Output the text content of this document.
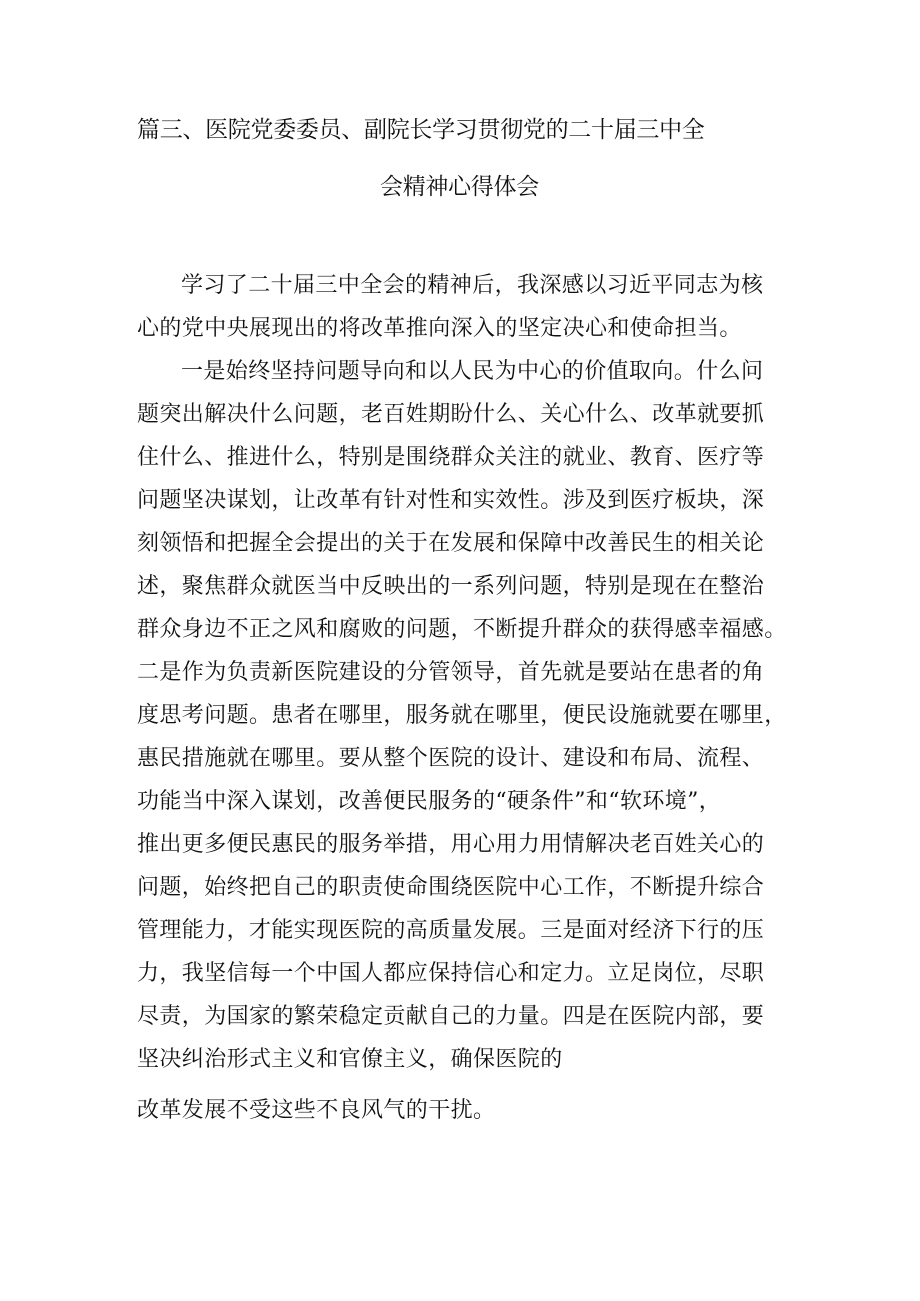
篇三、医院党委委员、副院长学习贯彻党的二十届三中全
会精神心得体会
学习了二十届三中全会的精神后，我深感以习近平同志为核
心的党中央展现出的将改革推向深入的坚定决心和使命担当。
一是始终坚持问题导向和以人民为中心的价值取向。什么问
题突出解决什么问题，老百姓期盼什么、关心什么、改革就要抓
住什么、推进什么，特别是围绕群众关注的就业、教育、医疗等
问题坚决谋划，让改革有针对性和实效性。涉及到医疗板块，深
刻领悟和把握全会提出的关于在发展和保障中改善民生的相关论
述，聚焦群众就医当中反映出的一系列问题，特别是现在在整治
群众身边不正之风和腐败的问题，不断提升群众的获得感幸福感。
二是作为负责新医院建设的分管领导，首先就是要站在患者的角
度思考问题。患者在哪里，服务就在哪里，便民设施就要在哪里，
惠民措施就在哪里。要从整个医院的设计、建设和布局、流程、
功能当中深入谋划，改善便民服务的“硬条件”和“软环境”，
推出更多便民惠民的服务举措，用心用力用情解决老百姓关心的
问题，始终把自己的职责使命围绕医院中心工作，不断提升综合
管理能力，才能实现医院的高质量发展。三是面对经济下行的压
力，我坚信每一个中国人都应保持信心和定力。立足岗位，尽职
尽责，为国家的繁荣稳定贡献自己的力量。四是在医院内部，要
坚决纠治形式主义和官僚主义，确保医院的
改革发展不受这些不良风气的干扰。
